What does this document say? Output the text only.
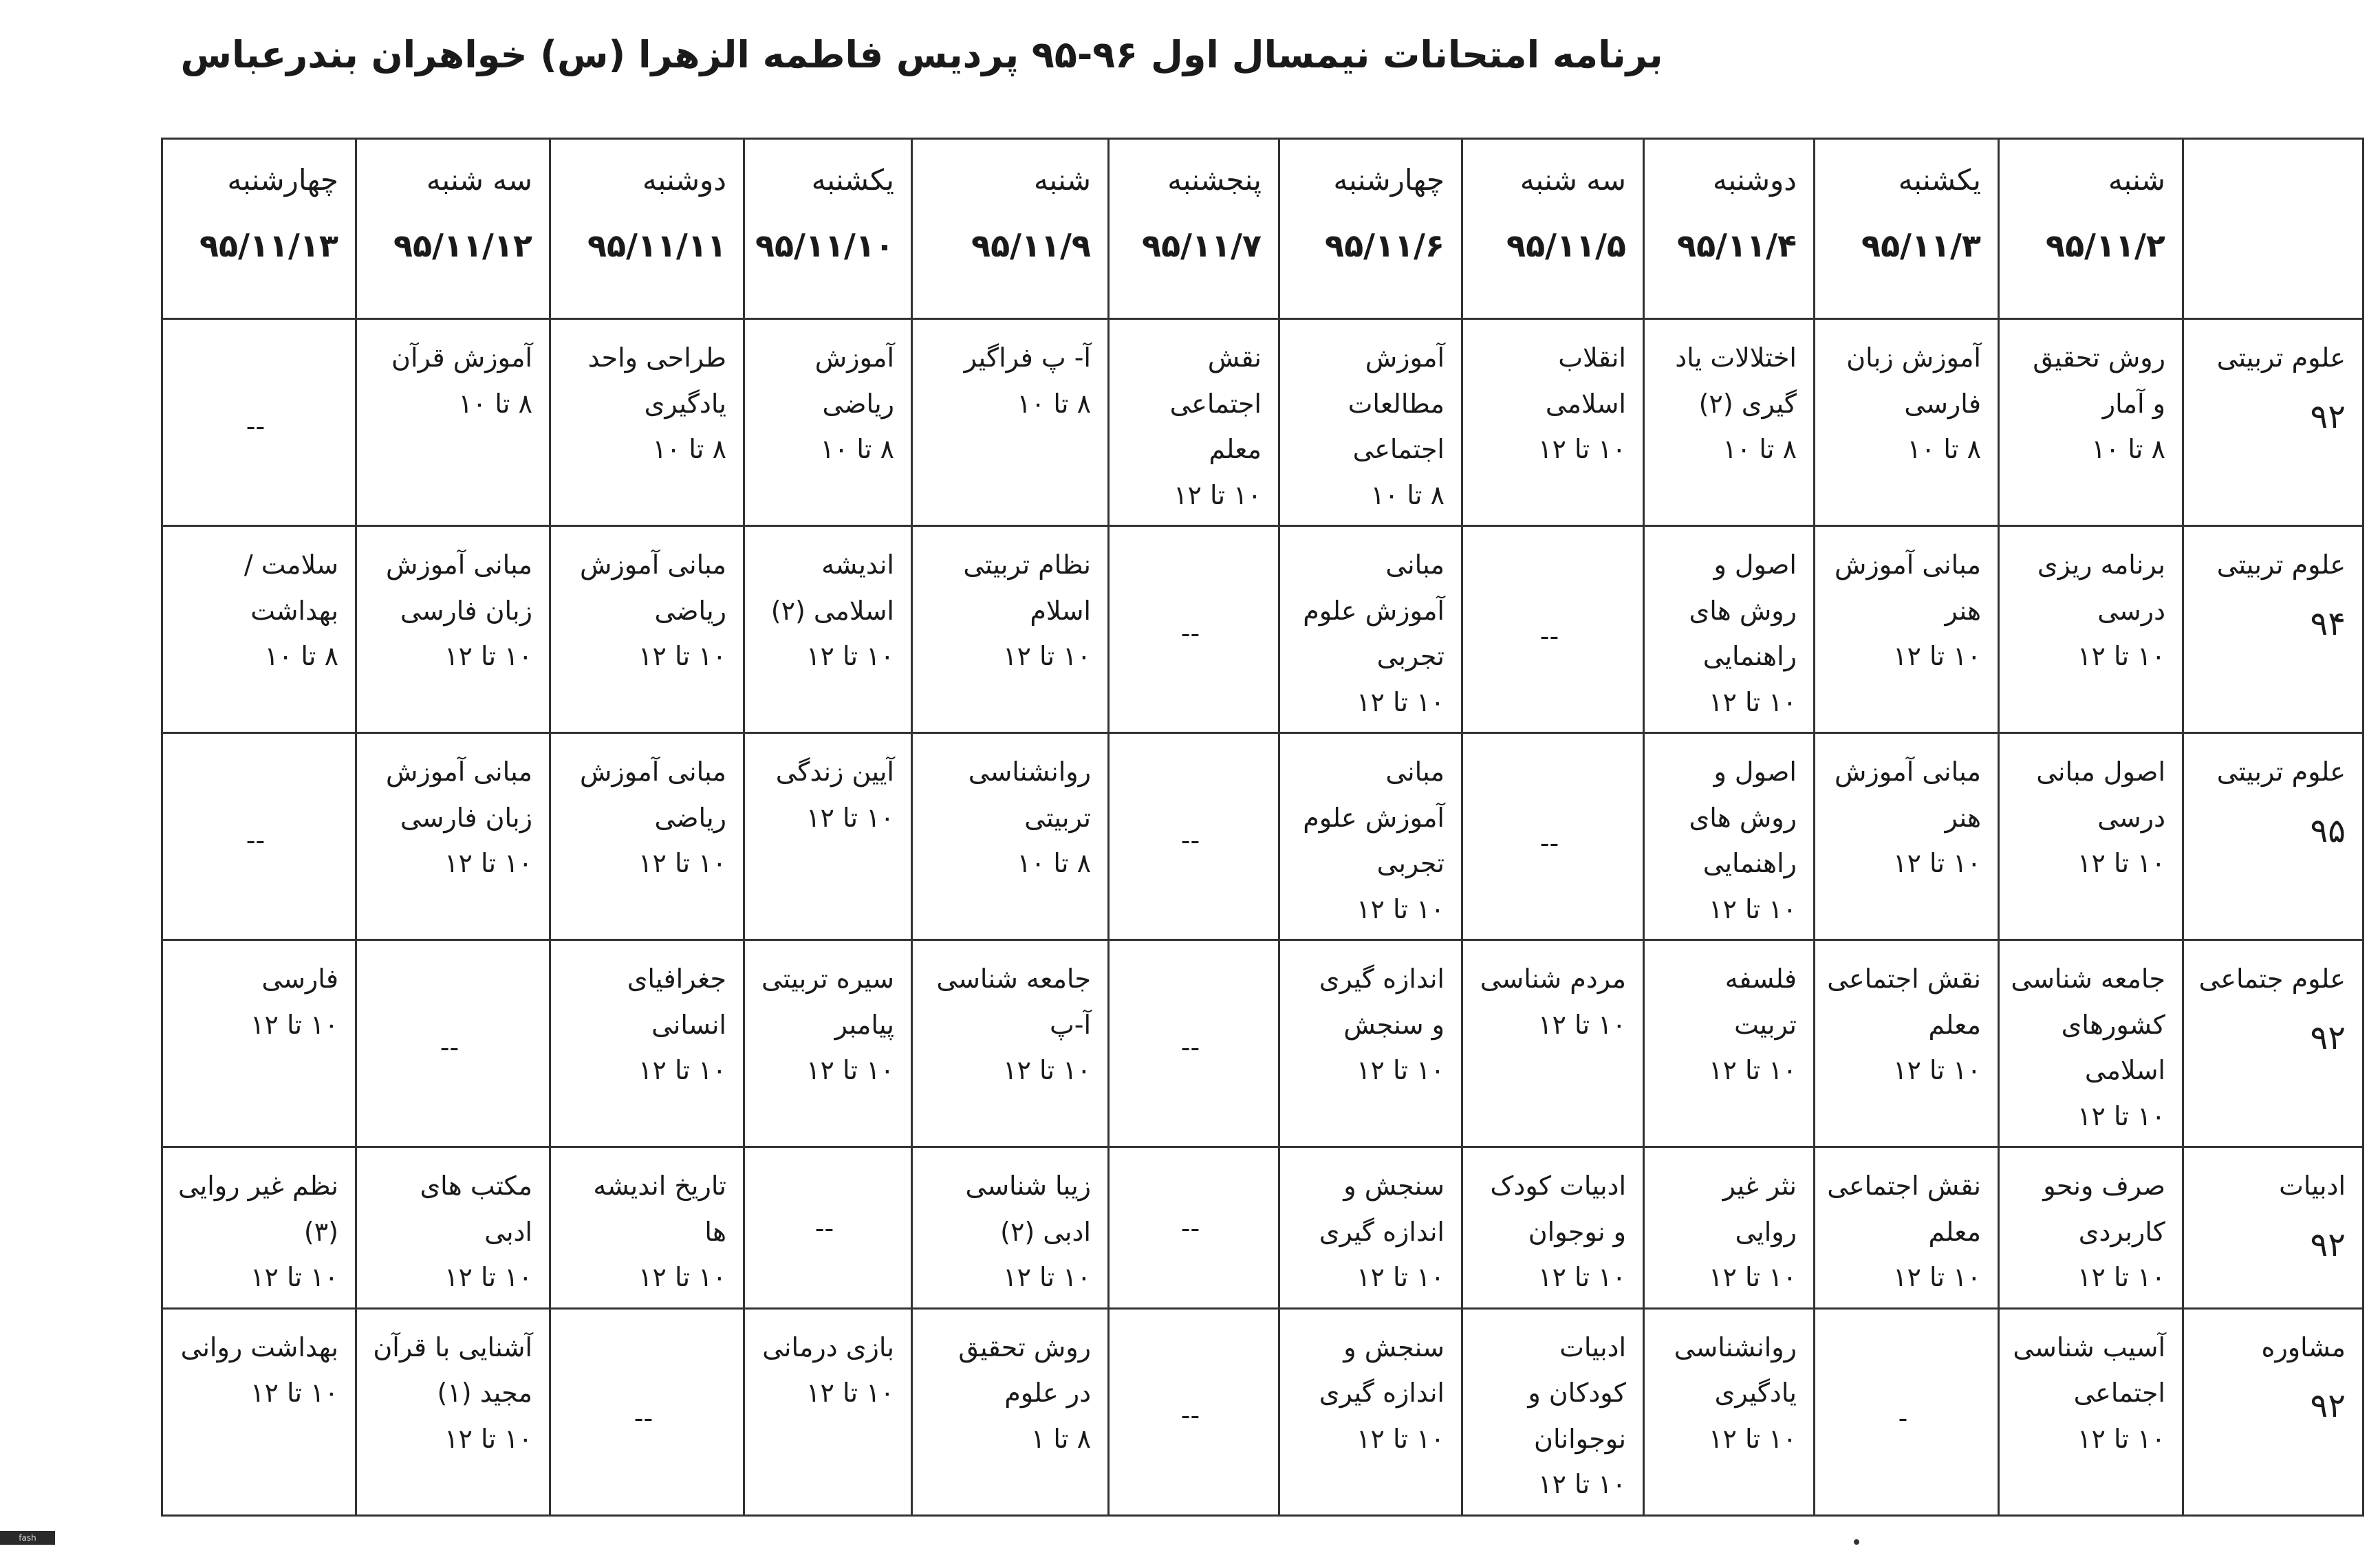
برنامه امتحانات نیمسال اول ۹۶-۹۵ پردیس فاطمه الزهرا (س) خواهران بندرعباس

	شنبه
۹۵/۱۱/۲	یکشنبه
۹۵/۱۱/۳	دوشنبه
۹۵/۱۱/۴	سه شنبه
۹۵/۱۱/۵	چهارشنبه
۹۵/۱۱/۶	پنجشنبه
۹۵/۱۱/۷	شنبه
۹۵/۱۱/۹	یکشنبه
۹۵/۱۱/۱۰	دوشنبه
۹۵/۱۱/۱۱	سه شنبه
۹۵/۱۱/۱۲	چهارشنبه
۹۵/۱۱/۱۳

علوم تربیتی
۹۲	روش تحقیق
و آمار
۸ تا ۱۰	آموزش زبان
فارسی
۸ تا ۱۰	اختلالات یاد
گیری (۲)
۸ تا ۱۰	انقلاب
اسلامی
۱۰ تا ۱۲	آموزش
مطالعات
اجتماعی
۸ تا ۱۰	نقش
اجتماعی
معلم
۱۰ تا ۱۲	آ- پ فراگیر
۸ تا ۱۰	آموزش
ریاضی
۸ تا ۱۰	طراحی واحد
یادگیری
۸ تا ۱۰	آموزش قرآن
۸ تا ۱۰	--
علوم تربیتی
۹۴	برنامه ریزی
درسی
۱۰ تا ۱۲	مبانی آموزش
هنر
۱۰ تا ۱۲	اصول و
روش های
راهنمایی
۱۰ تا ۱۲	--	مبانی
آموزش علوم
تجربی
۱۰ تا ۱۲	--	نظام تربیتی
اسلام
۱۰ تا ۱۲	اندیشه
اسلامی (۲)
۱۰ تا ۱۲	مبانی آموزش
ریاضی
۱۰ تا ۱۲	مبانی آموزش
زبان فارسی
۱۰ تا ۱۲	سلامت /
بهداشت
۸ تا ۱۰

علوم تربیتی
۹۵	اصول مبانی
درسی
۱۰ تا ۱۲	مبانی آموزش
هنر
۱۰ تا ۱۲	اصول و
روش های
راهنمایی
۱۰ تا ۱۲	--	مبانی
آموزش علوم
تجربی
۱۰ تا ۱۲	--	روانشناسی
تربیتی
۸ تا ۱۰	آیین زندگی
۱۰ تا ۱۲	مبانی آموزش
ریاضی
۱۰ تا ۱۲	مبانی آموزش
زبان فارسی
۱۰ تا ۱۲	--
علوم جتماعی
۹۲	جامعه شناسی
کشورهای
اسلامی
۱۰ تا ۱۲	نقش اجتماعی
معلم
۱۰ تا ۱۲	فلسفه تربیت
۱۰ تا ۱۲	مردم شناسی
۱۰ تا ۱۲	اندازه گیری
و سنجش
۱۰ تا ۱۲	--	جامعه شناسی
آ-پ
۱۰ تا ۱۲	سیره تربیتی
پیامبر
۱۰ تا ۱۲	جغرافیای
انسانی
۱۰ تا ۱۲	--	فارسی
۱۰ تا ۱۲

ادبیات
۹۲	صرف ونحو
کاربردی
۱۰ تا ۱۲	نقش اجتماعی
معلم
۱۰ تا ۱۲	نثر غیر روایی
۱۰ تا ۱۲	ادبیات کودک
و نوجوان
۱۰ تا ۱۲	سنجش و
اندازه گیری
۱۰ تا ۱۲	--	زیبا شناسی
ادبی (۲)
۱۰ تا ۱۲	--	تاریخ اندیشه
ها
۱۰ تا ۱۲	مکتب های
ادبی
۱۰ تا ۱۲	نظم غیر روایی
(۳)
۱۰ تا ۱۲

مشاوره
۹۲	آسیب شناسی
اجتماعی
۱۰ تا ۱۲	-	روانشناسی
یادگیری
۱۰ تا ۱۲	ادبیات
کودکان و
نوجوانان
۱۰ تا ۱۲	سنجش و
اندازه گیری
۱۰ تا ۱۲	--	روش تحقیق
در علوم
۸ تا ۱	بازی درمانی
۱۰ تا ۱۲	--	آشنایی با قرآن
مجید (۱)
۱۰ تا ۱۲	بهداشت روانی
۱۰ تا ۱۲
fash
